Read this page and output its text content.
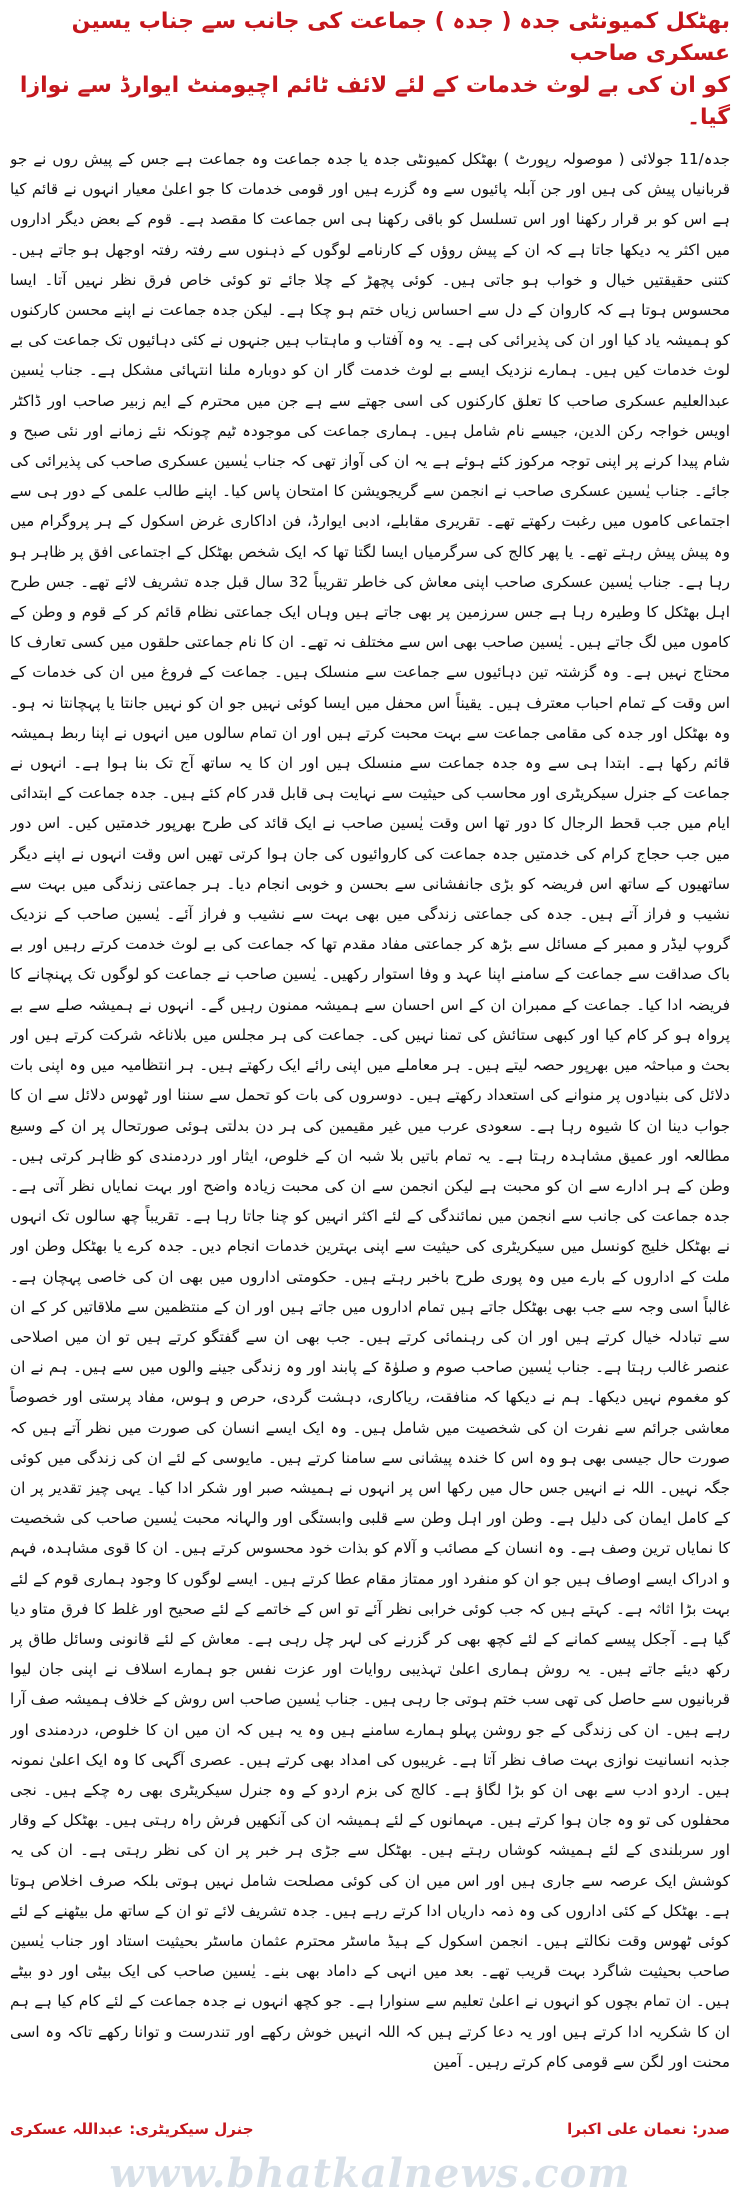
بھٹکل کمیونٹی جدہ ( جدہ ) جماعت کی جانب سے جناب یسین عسکری صاحب
کو ان کی بے لوث خدمات کے لئے لائف ٹائم اچیومنٹ ایوارڈ سے نوازا گیا۔

جدہ/11 جولائی ( موصولہ رپورٹ ) بھٹکل کمیونٹی جدہ یا جدہ جماعت وہ جماعت ہے جس کے پیش روں نے جو قربانیاں پیش کی ہیں اور جن آبلہ پائیوں سے وہ گزرے ہیں اور قومی خدمات کا جو اعلیٰ معیار انہوں نے قائم کیا ہے اس کو بر قرار رکھنا اور اس تسلسل کو باقی رکھنا ہی اس جماعت کا مقصد ہے۔ قوم کے بعض دیگر اداروں میں اکثر یہ دیکھا جاتا ہے کہ ان کے پیش روؤں کے کارنامے لوگوں کے ذہنوں سے رفتہ رفتہ اوجھل ہو جاتے ہیں۔ کتنی حقیقتیں خیال و خواب ہو جاتی ہیں۔ کوئی پچھڑ کے چلا جائے تو کوئی خاص فرق نظر نہیں آتا۔ ایسا محسوس ہوتا ہے کہ کاروان کے دل سے احساس زیاں ختم ہو چکا ہے۔ لیکن جدہ جماعت نے اپنے محسن کارکنوں کو ہمیشہ یاد کیا اور ان کی پذیرائی کی ہے۔ یہ وہ آفتاب و ماہتاب ہیں جنہوں نے کئی دہائیوں تک جماعت کی بے لوث خدمات کیں ہیں۔ ہمارے نزدیک ایسے بے لوث خدمت گار ان کو دوبارہ ملنا انتہائی مشکل ہے۔ جناب یٰسین عبدالعلیم عسکری صاحب کا تعلق کارکنوں کی اسی جھتے سے ہے جن میں محترم کے ایم زبیر صاحب اور ڈاکٹر اویس خواجہ رکن الدین، جیسے نام شامل ہیں۔ ہماری جماعت کی موجودہ ٹیم چونکہ نئے زمانے اور نئی صبح و شام پیدا کرنے پر اپنی توجہ مرکوز کئے ہوئے ہے یہ ان کی آواز تھی کہ جناب یٰسین عسکری صاحب کی پذیرائی کی جائے۔ جناب یٰسین عسکری صاحب نے انجمن سے گریجویشن کا امتحان پاس کیا۔ اپنے طالب علمی کے دور ہی سے اجتماعی کاموں میں رغبت رکھتے تھے۔ تقریری مقابلے، ادبی ایوارڈ، فن اداکاری غرض اسکول کے ہر پروگرام میں وہ پیش پیش رہتے تھے۔ یا پھر کالج کی سرگرمیاں ایسا لگتا تھا کہ ایک شخص بھٹکل کے اجتماعی افق پر ظاہر ہو رہا ہے۔ جناب یٰسین عسکری صاحب اپنی معاش کی خاطر تقریباً 32 سال قبل جدہ تشریف لائے تھے۔ جس طرح اہل بھٹکل کا وطیرہ رہا ہے جس سرزمین پر بھی جاتے ہیں وہاں ایک جماعتی نظام قائم کر کے قوم و وطن کے کاموں میں لگ جاتے ہیں۔ یٰسین صاحب بھی اس سے مختلف نہ تھے۔ ان کا نام جماعتی حلقوں میں کسی تعارف کا محتاج نہیں ہے۔ وہ گزشتہ تین دہائیوں سے جماعت سے منسلک ہیں۔ جماعت کے فروغ میں ان کی خدمات کے اس وقت کے تمام احباب معترف ہیں۔ یقیناً اس محفل میں ایسا کوئی نہیں جو ان کو نہیں جانتا یا پہچانتا نہ ہو۔ وہ بھٹکل اور جدہ کی مقامی جماعت سے بہت محبت کرتے ہیں اور ان تمام سالوں میں انہوں نے اپنا ربط ہمیشہ قائم رکھا ہے۔ ابتدا ہی سے وہ جدہ جماعت سے منسلک ہیں اور ان کا یہ ساتھ آج تک بنا ہوا ہے۔ انہوں نے جماعت کے جنرل سیکریٹری اور محاسب کی حیثیت سے نہایت ہی قابل قدر کام کئے ہیں۔ جدہ جماعت کے ابتدائی ایام میں جب قحط الرجال کا دور تھا اس وقت یٰسین صاحب نے ایک قائد کی طرح بھرپور خدمتیں کیں۔ اس دور میں جب حجاج کرام کی خدمتیں جدہ جماعت کی کاروائیوں کی جان ہوا کرتی تھیں اس وقت انہوں نے اپنے دیگر ساتھیوں کے ساتھ اس فریضہ کو بڑی جانفشانی سے بحسن و خوبی انجام دیا۔ ہر جماعتی زندگی میں بہت سے نشیب و فراز آتے ہیں۔ جدہ کی جماعتی زندگی میں بھی بہت سے نشیب و فراز آئے۔ یٰسین صاحب کے نزدیک گروپ لیڈر و ممبر کے مسائل سے بڑھ کر جماعتی مفاد مقدم تھا کہ جماعت کی بے لوث خدمت کرتے رہیں اور بے باک صداقت سے جماعت کے سامنے اپنا عہد و وفا استوار رکھیں۔ یٰسین صاحب نے جماعت کو لوگوں تک پہنچانے کا فریضہ ادا کیا۔ جماعت کے ممبران ان کے اس احسان سے ہمیشہ ممنون رہیں گے۔ انہوں نے ہمیشہ صلے سے بے پرواہ ہو کر کام کیا اور کبھی ستائش کی تمنا نہیں کی۔ جماعت کی ہر مجلس میں بلاناغہ شرکت کرتے ہیں اور بحث و مباحثہ میں بھرپور حصہ لیتے ہیں۔ ہر معاملے میں اپنی رائے ایک رکھتے ہیں۔ ہر انتظامیہ میں وہ اپنی بات دلائل کی بنیادوں پر منوانے کی استعداد رکھتے ہیں۔ دوسروں کی بات کو تحمل سے سننا اور ٹھوس دلائل سے ان کا جواب دینا ان کا شیوہ رہا ہے۔ سعودی عرب میں غیر مقیمین کی ہر دن بدلتی ہوئی صورتحال پر ان کے وسیع مطالعہ اور عمیق مشاہدہ رہتا ہے۔ یہ تمام باتیں بلا شبہ ان کے خلوص، ایثار اور دردمندی کو ظاہر کرتی ہیں۔ وطن کے ہر ادارے سے ان کو محبت ہے لیکن انجمن سے ان کی محبت زیادہ واضح اور بہت نمایاں نظر آتی ہے۔ جدہ جماعت کی جانب سے انجمن میں نمائندگی کے لئے اکثر انہیں کو چنا جاتا رہا ہے۔ تقریباً چھ سالوں تک انہوں نے بھٹکل خلیج کونسل میں سیکریٹری کی حیثیت سے اپنی بہترین خدمات انجام دیں۔ جدہ کرے یا بھٹکل وطن اور ملت کے اداروں کے بارے میں وہ پوری طرح باخبر رہتے ہیں۔ حکومتی اداروں میں بھی ان کی خاصی پہچان ہے۔ غالباً اسی وجہ سے جب بھی بھٹکل جاتے ہیں تمام اداروں میں جاتے ہیں اور ان کے منتظمین سے ملاقاتیں کر کے ان سے تبادلہ خیال کرتے ہیں اور ان کی رہنمائی کرتے ہیں۔ جب بھی ان سے گفتگو کرتے ہیں تو ان میں اصلاحی عنصر غالب رہتا ہے۔ جناب یٰسین صاحب صوم و صلوٰۃ کے پابند اور وہ زندگی جینے والوں میں سے ہیں۔ ہم نے ان کو مغموم نہیں دیکھا۔ ہم نے دیکھا کہ منافقت، ریاکاری، دہشت گردی، حرص و ہوس، مفاد پرستی اور خصوصاً معاشی جرائم سے نفرت ان کی شخصیت میں شامل ہیں۔ وہ ایک ایسے انسان کی صورت میں نظر آتے ہیں کہ صورت حال جیسی بھی ہو وہ اس کا خندہ پیشانی سے سامنا کرتے ہیں۔ مایوسی کے لئے ان کی زندگی میں کوئی جگہ نہیں۔ اللہ نے انہیں جس حال میں رکھا اس پر انہوں نے ہمیشہ صبر اور شکر ادا کیا۔ یہی چیز تقدیر پر ان کے کامل ایمان کی دلیل ہے۔ وطن اور اہل وطن سے قلبی وابستگی اور والہانہ محبت یٰسین صاحب کی شخصیت کا نمایاں ترین وصف ہے۔ وہ انسان کے مصائب و آلام کو بذات خود محسوس کرتے ہیں۔ ان کا قوی مشاہدہ، فہم و ادراک ایسے اوصاف ہیں جو ان کو منفرد اور ممتاز مقام عطا کرتے ہیں۔ ایسے لوگوں کا وجود ہماری قوم کے لئے بہت بڑا اثاثہ ہے۔ کہتے ہیں کہ جب کوئی خرابی نظر آئے تو اس کے خاتمے کے لئے صحیح اور غلط کا فرق متاو دیا گیا ہے۔ آجکل پیسے کمانے کے لئے کچھ بھی کر گزرنے کی لہر چل رہی ہے۔ معاش کے لئے قانونی وسائل طاق پر رکھ دیئے جاتے ہیں۔ یہ روش ہماری اعلیٰ تہذیبی روایات اور عزت نفس جو ہمارے اسلاف نے اپنی جان لیوا قربانیوں سے حاصل کی تھی سب ختم ہوتی جا رہی ہیں۔ جناب یٰسین صاحب اس روش کے خلاف ہمیشہ صف آرا رہے ہیں۔ ان کی زندگی کے جو روشن پہلو ہمارے سامنے ہیں وہ یہ ہیں کہ ان میں ان کا خلوص، دردمندی اور جذبہ انسانیت نوازی بہت صاف نظر آتا ہے۔ غریبوں کی امداد بھی کرتے ہیں۔ عصری آگہی کا وہ ایک اعلیٰ نمونہ ہیں۔ اردو ادب سے بھی ان کو بڑا لگاؤ ہے۔ کالج کی بزم اردو کے وہ جنرل سیکریٹری بھی رہ چکے ہیں۔ نجی محفلوں کی تو وہ جان ہوا کرتے ہیں۔ مہمانوں کے لئے ہمیشہ ان کی آنکھیں فرش راہ رہتی ہیں۔ بھٹکل کے وقار اور سربلندی کے لئے ہمیشہ کوشاں رہتے ہیں۔ بھٹکل سے جڑی ہر خبر پر ان کی نظر رہتی ہے۔ ان کی یہ کوشش ایک عرصہ سے جاری ہیں اور اس میں ان کی کوئی مصلحت شامل نہیں ہوتی بلکہ صرف اخلاص ہوتا ہے۔ بھٹکل کے کئی اداروں کی وہ ذمہ داریاں ادا کرتے رہے ہیں۔ جدہ تشریف لائے تو ان کے ساتھ مل بیٹھنے کے لئے کوئی ٹھوس وقت نکالتے ہیں۔ انجمن اسکول کے ہیڈ ماسٹر محترم عثمان ماسٹر بحیثیت استاد اور جناب یٰسین صاحب بحیثیت شاگرد بہت قریب تھے۔ بعد میں انہی کے داماد بھی بنے۔ یٰسین صاحب کی ایک بیٹی اور دو بیٹے ہیں۔ ان تمام بچوں کو انہوں نے اعلیٰ تعلیم سے سنوارا ہے۔ جو کچھ انہوں نے جدہ جماعت کے لئے کام کیا ہے ہم ان کا شکریہ ادا کرتے ہیں اور یہ دعا کرتے ہیں کہ اللہ انہیں خوش رکھے اور تندرست و توانا رکھے تاکہ وہ اسی محنت اور لگن سے قومی کام کرتے رہیں۔ آمین

صدر:
نعمان علی اکبرا
جنرل سیکریٹری:
عبداللہ عسکری
www.bhatkalnews.com
